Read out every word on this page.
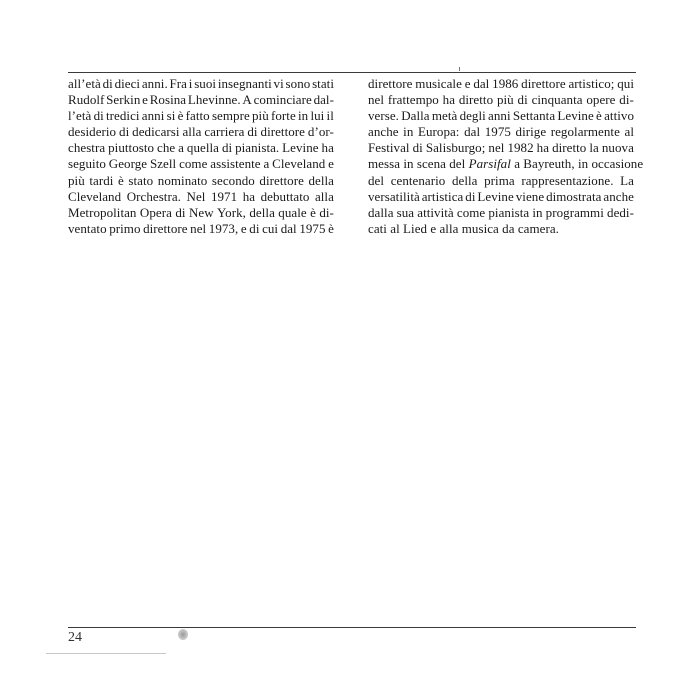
all’età di dieci anni. Fra i suoi insegnanti vi sono stati
Rudolf Serkin e Rosina Lhevinne. A cominciare dal-
l’età di tredici anni si è fatto sempre più forte in lui il
desiderio di dedicarsi alla carriera di direttore d’or-
chestra piuttosto che a quella di pianista. Levine ha
seguito George Szell come assistente a Cleveland e
più tardi è stato nominato secondo direttore della
Cleveland Orchestra. Nel 1971 ha debuttato alla
Metropolitan Opera di New York, della quale è di-
ventato primo direttore nel 1973, e di cui dal 1975 è

direttore musicale e dal 1986 direttore artistico; qui
nel frattempo ha diretto più di cinquanta opere di-
verse. Dalla metà degli anni Settanta Levine è attivo
anche in Europa: dal 1975 dirige regolarmente al
Festival di Salisburgo; nel 1982 ha diretto la nuova
messa in scena del Parsifal a Bayreuth, in occasione
del centenario della prima rappresentazione. La
versatilità artistica di Levine viene dimostrata anche
dalla sua attività come pianista in programmi dedi-
cati al Lied e alla musica da camera.

24
